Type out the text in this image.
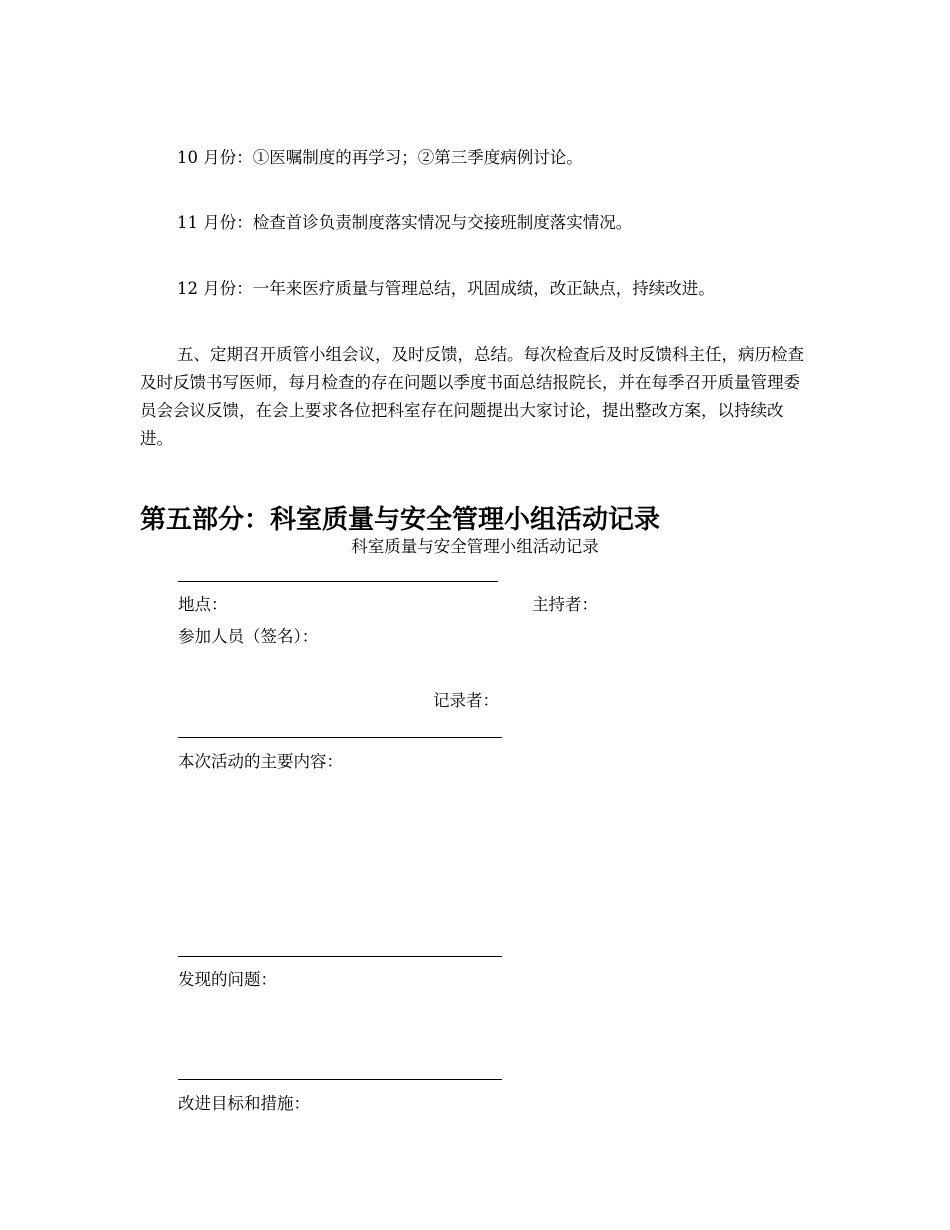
10 月份：①医嘱制度的再学习；②第三季度病例讨论。

11 月份：检查首诊负责制度落实情况与交接班制度落实情况。

12 月份：一年来医疗质量与管理总结，巩固成绩，改正缺点，持续改进。

五、定期召开质管小组会议，及时反馈，总结。每次检查后及时反馈科主任，病历检查及时反馈书写医师，每月检查的存在问题以季度书面总结报院长，并在每季召开质量管理委员会会议反馈，在会上要求各位把科室存在问题提出大家讨论，提出整改方案，以持续改进。

第五部分：科室质量与安全管理小组活动记录

科室质量与安全管理小组活动记录

地点：	主持者：

参加人员（签名）：

记录者：

本次活动的主要内容：

发现的问题：

改进目标和措施：
